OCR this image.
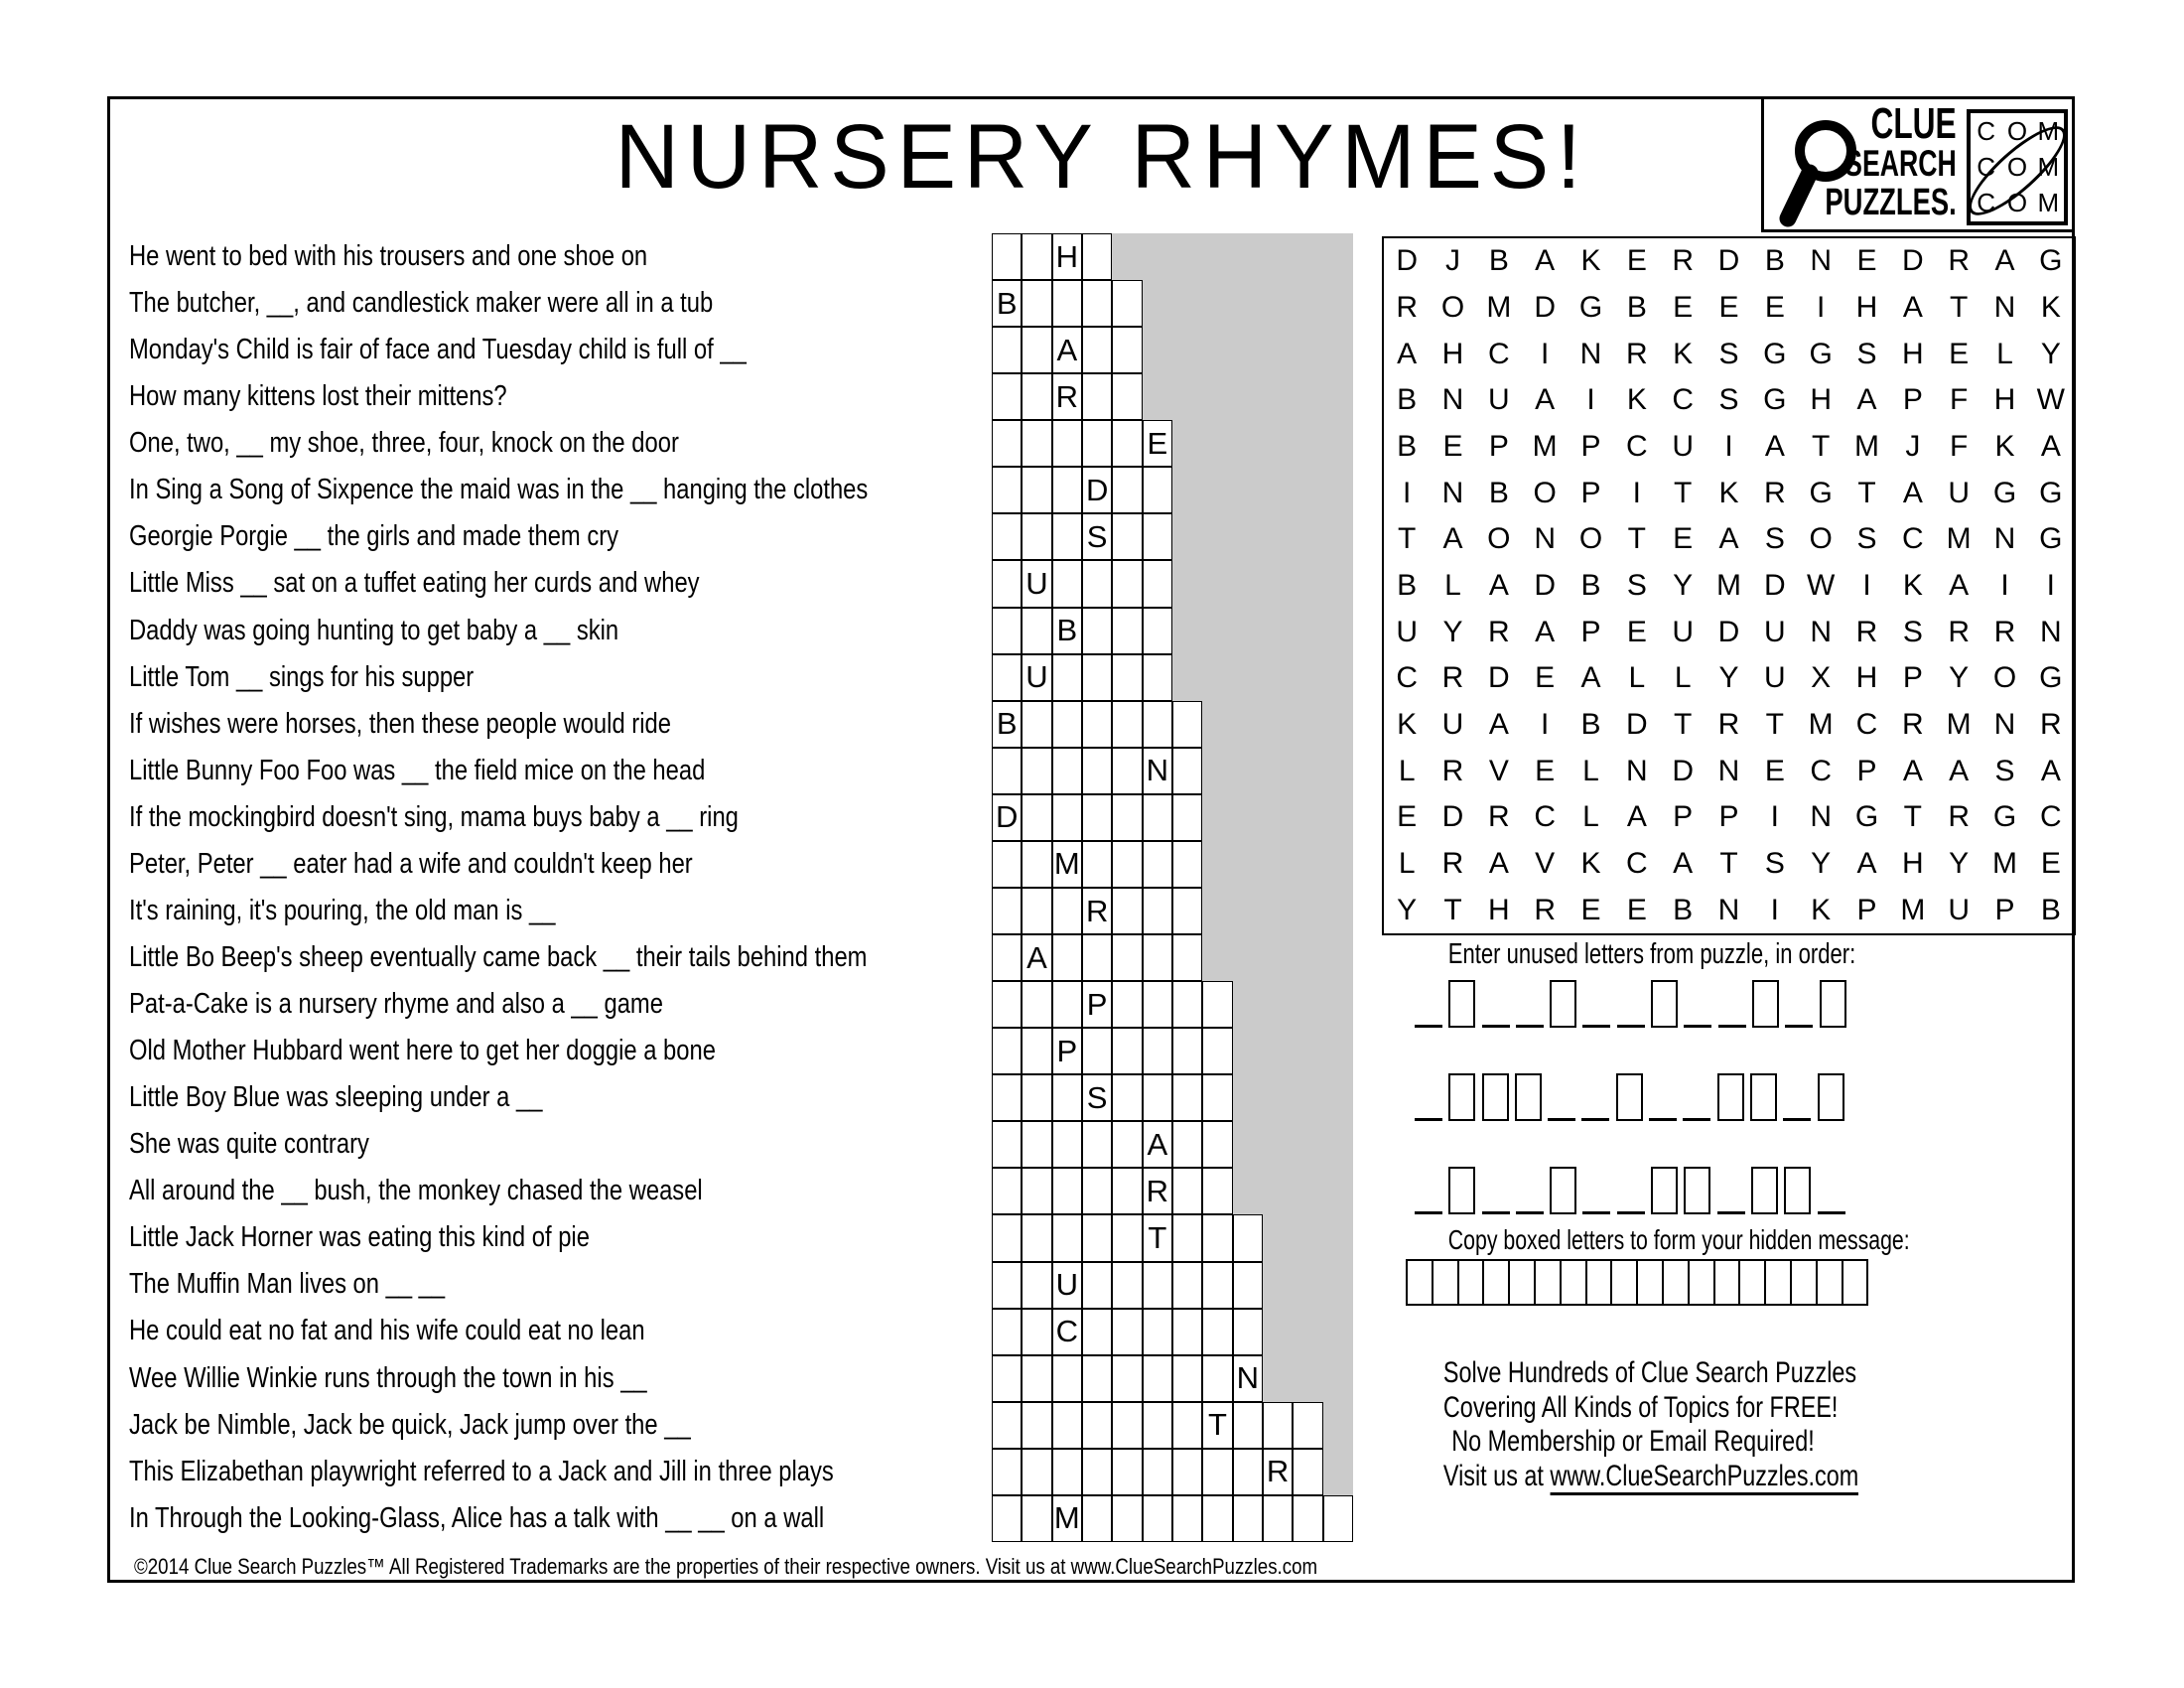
NURSERY RHYMES!	CLUE
SEARCH
PUZZLES.
C O M
C O M
C O M
He went to bed with his trousers and one shoe on
The butcher, __, and candlestick maker were all in a tub
Monday's Child is fair of face and Tuesday child is full of __
How many kittens lost their mittens?
One, two, __ my shoe, three, four, knock on the door
In Sing a Song of Sixpence the maid was in the __ hanging the clothes
Georgie Porgie __ the girls and made them cry
Little Miss __ sat on a tuffet eating her curds and whey
Daddy was going hunting to get baby a __ skin
Little Tom __ sings for his supper
If wishes were horses, then these people would ride
Little Bunny Foo Foo was __ the field mice on the head
If the mockingbird doesn't sing, mama buys baby a __ ring
Peter, Peter __ eater had a wife and couldn't keep her
It's raining, it's pouring, the old man is __
Little Bo Beep's sheep eventually came back __ their tails behind them
Pat-a-Cake is a nursery rhyme and also a __ game
Old Mother Hubbard went here to get her doggie a bone
Little Boy Blue was sleeping under a __
She was quite contrary
All around the __ bush, the monkey chased the weasel
Little Jack Horner was eating this kind of pie
The Muffin Man lives on __ __
He could eat no fat and his wife could eat no lean
Wee Willie Winkie runs through the town in his __
Jack be Nimble, Jack be quick, Jack jump over the __
This Elizabethan playwright referred to a Jack and Jill in three plays
In Through the Looking-Glass, Alice has a talk with __ __ on a wall
H
B
A
R
E
D
S
U
B
U
B
N
D
M
R
A
P
P
S
A
R
T
U
C
N
T
R
M
D J B A K E R D B N E D R A G
R O M D G B E E E	I	H A T N K
A H C	I	N R K S G G S H E L Y
B N U A	I	K C S G H A P F H W
B E P M P C U	I	A T M J F K A
I	N B O P	I	T K R G T A U G G
T A O N O T E A S O S C M N G
B L A D B S Y M D W I	K A	I	I
U Y R A P E U D U N R S R R N
C R D E A L L Y U X H P Y O G
K U A	I	B D T R T M C R M N R
L R V E L N D N E C P A A S A
E D R C L A P P	I	N G T R G C
L R A V K C A T S Y A H Y M E
Y T H R E E B N	I	K P M U P B
Enter unused letters from puzzle, in order:
Copy boxed letters to form your hidden message:
Solve Hundreds of Clue Search Puzzles
Covering All Kinds of Topics for FREE!
No Membership or Email Required!
Visit us at www.ClueSearchPuzzles.com
©2014 Clue Search Puzzles™ All Registered Trademarks are the properties of their respective owners. Visit us at www.ClueSearchPuzzles.com
